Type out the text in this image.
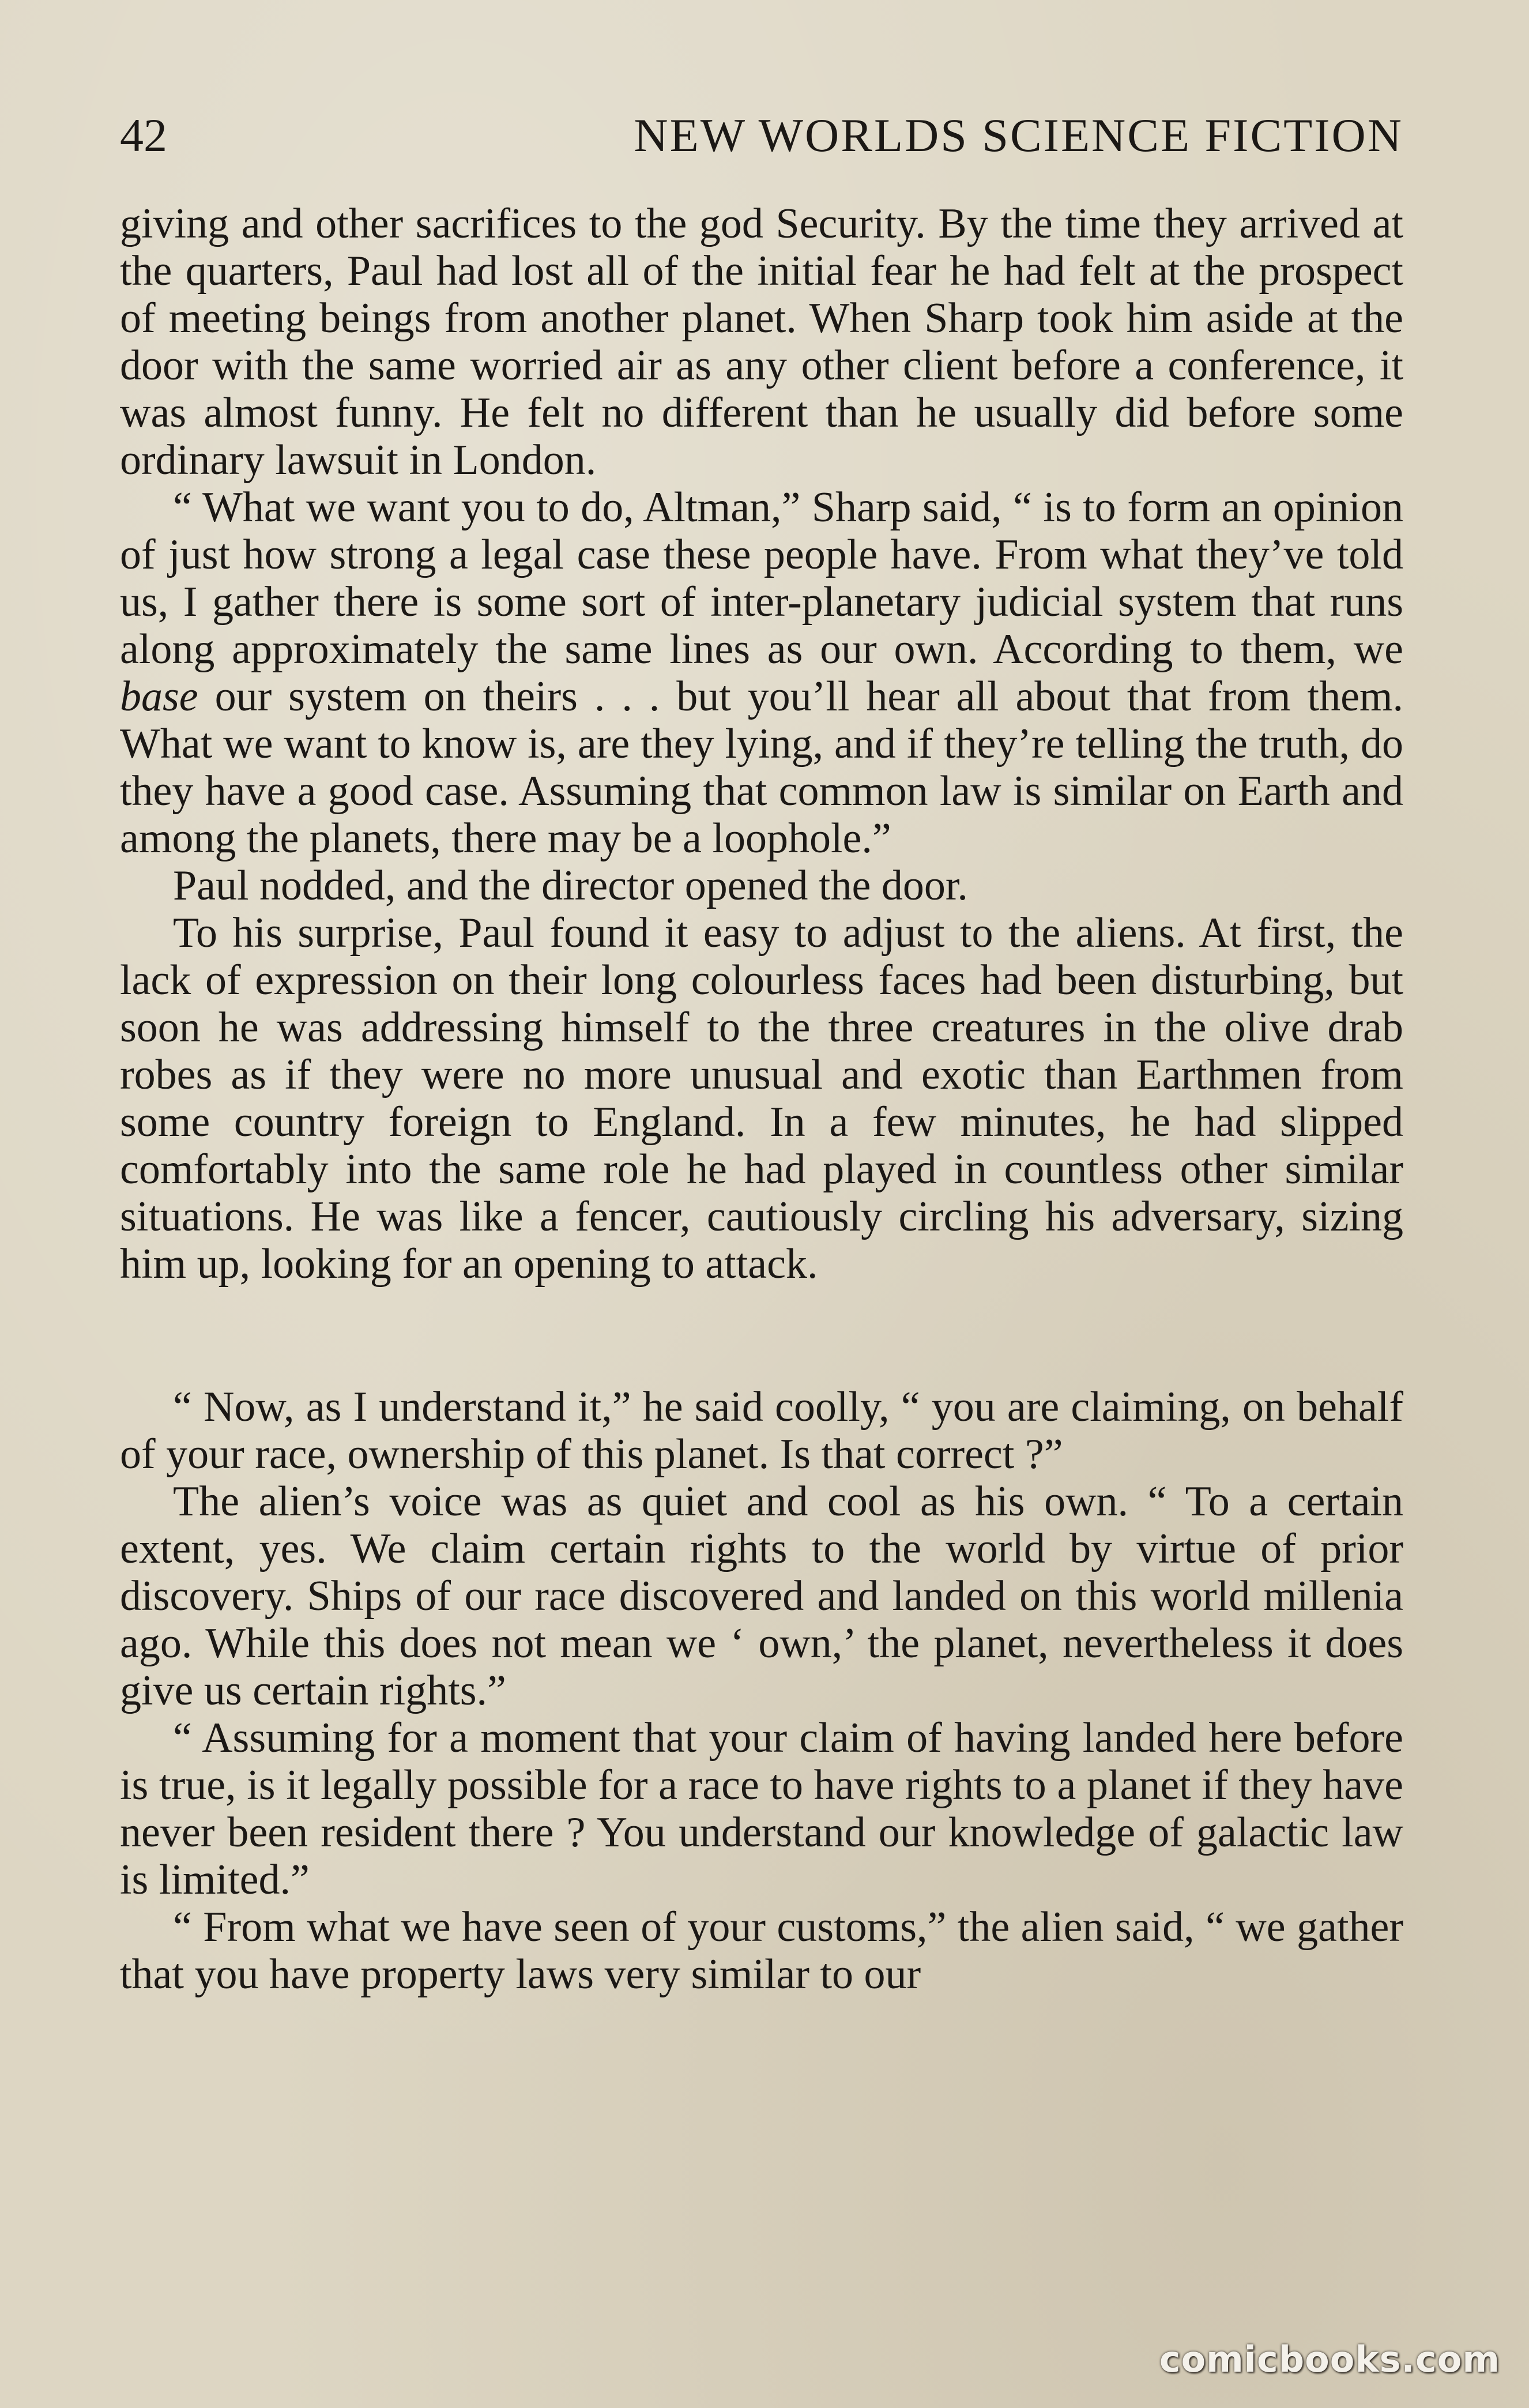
42	NEW WORLDS SCIENCE FICTION

giving and other sacrifices to the god Security. By the time they arrived at the quarters, Paul had lost all of the initial fear he had felt at the prospect of meeting beings from another planet. When Sharp took him aside at the door with the same worried air as any other client before a conference, it was almost funny. He felt no different than he usually did before some ordinary lawsuit in London.

“ What we want you to do, Altman,” Sharp said, “ is to form an opinion of just how strong a legal case these people have. From what they’ve told us, I gather there is some sort of inter-planetary judicial system that runs along approximately the same lines as our own. According to them, we base our system on theirs . . . but you’ll hear all about that from them. What we want to know is, are they lying, and if they’re telling the truth, do they have a good case. Assuming that common law is similar on Earth and among the planets, there may be a loophole.”

Paul nodded, and the director opened the door.

To his surprise, Paul found it easy to adjust to the aliens. At first, the lack of expression on their long colourless faces had been disturbing, but soon he was addressing himself to the three creatures in the olive drab robes as if they were no more unusual and exotic than Earthmen from some country foreign to England. In a few minutes, he had slipped comfortably into the same role he had played in countless other similar situations. He was like a fencer, cautiously circling his adversary, sizing him up, looking for an opening to attack.

“ Now, as I understand it,” he said coolly, “ you are claiming, on behalf of your race, ownership of this planet. Is that correct ?”

The alien’s voice was as quiet and cool as his own. “ To a certain extent, yes. We claim certain rights to the world by virtue of prior discovery. Ships of our race discovered and landed on this world millenia ago. While this does not mean we ‘ own,’ the planet, nevertheless it does give us certain rights.”

“ Assuming for a moment that your claim of having landed here before is true, is it legally possible for a race to have rights to a planet if they have never been resident there ? You understand our knowledge of galactic law is limited.”

“ From what we have seen of your customs,” the alien said, “ we gather that you have property laws very similar to our

comicbooks.com
